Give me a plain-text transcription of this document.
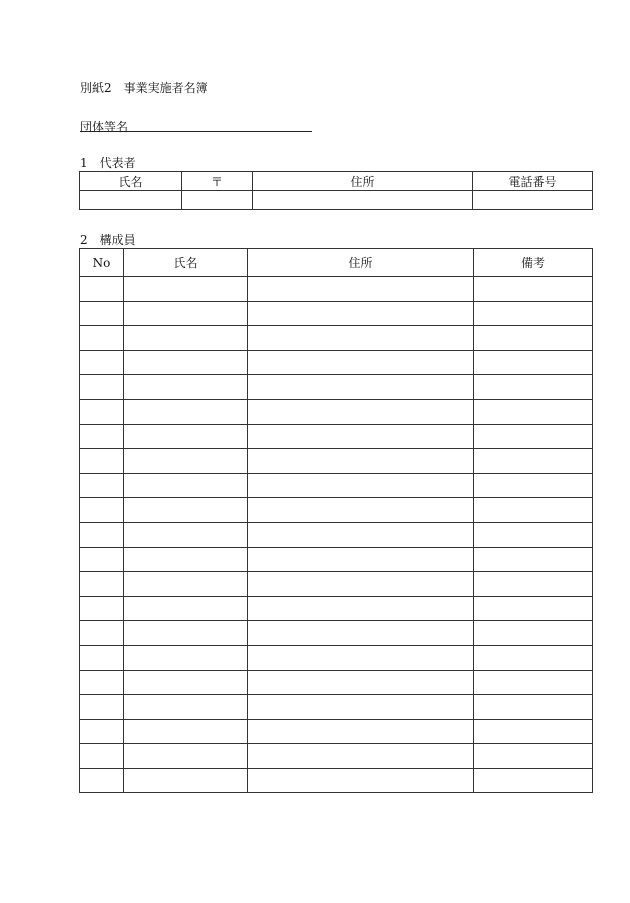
別紙2　事業実施者名簿
団体等名
1　代表者
氏名	〒	住所	電話番号

2　構成員
No	氏名	住所	備考
